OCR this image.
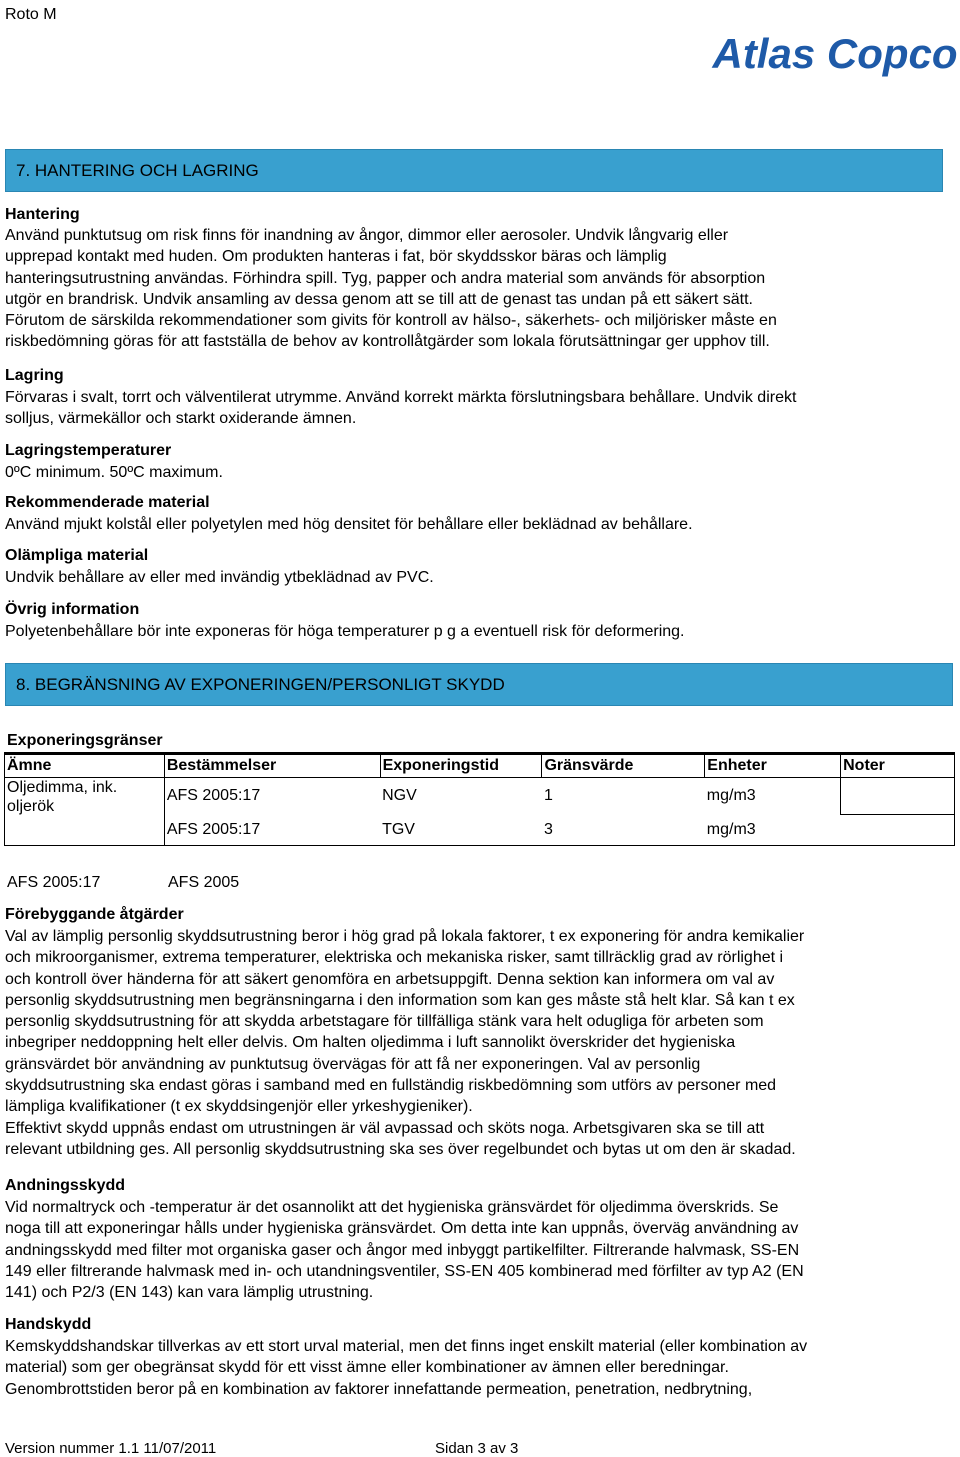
Roto M
Atlas Copco
7. HANTERING OCH LAGRING
Hantering
Använd punktutsug om risk finns för inandning av ångor, dimmor eller aerosoler. Undvik långvarig eller
upprepad kontakt med huden. Om produkten hanteras i fat, bör skyddsskor bäras och lämplig
hanteringsutrustning användas. Förhindra spill. Tyg, papper och andra material som används för absorption
utgör en brandrisk. Undvik ansamling av dessa genom att se till att de genast tas undan på ett säkert sätt.
Förutom de särskilda rekommendationer som givits för kontroll av hälso-, säkerhets- och miljörisker måste en
riskbedömning göras för att fastställa de behov av kontrollåtgärder som lokala förutsättningar ger upphov till.
Lagring
Förvaras i svalt, torrt och välventilerat utrymme. Använd korrekt märkta förslutningsbara behållare. Undvik direkt
solljus, värmekällor och starkt oxiderande ämnen.
Lagringstemperaturer
0ºC minimum. 50ºC maximum.
Rekommenderade material
Använd mjukt kolstål eller polyetylen med hög densitet för behållare eller beklädnad av behållare.
Olämpliga material
Undvik behållare av eller med invändig ytbeklädnad av PVC.
Övrig information
Polyetenbehållare bör inte exponeras för höga temperaturer p g a eventuell risk för deformering.
8. BEGRÄNSNING AV EXPONERINGEN/PERSONLIGT SKYDD
Exponeringsgränser
Ämne	Bestämmelser	Exponeringstid	Gränsvärde	Enheter	Noter
Oljedimma, ink. oljerök	AFS 2005:17	NGV	1	mg/m3	
	AFS 2005:17	TGV	3	mg/m3	
AFS 2005:17	AFS 2005
Förebyggande åtgärder
Val av lämplig personlig skyddsutrustning beror i hög grad på lokala faktorer, t ex exponering för andra kemikalier
och mikroorganismer, extrema temperaturer, elektriska och mekaniska risker, samt tillräcklig grad av rörlighet i
och kontroll över händerna för att säkert genomföra en arbetsuppgift. Denna sektion kan informera om val av
personlig skyddsutrustning men begränsningarna i den information som kan ges måste stå helt klar. Så kan t ex
personlig skyddsutrustning för att skydda arbetstagare för tillfälliga stänk vara helt odugliga för arbeten som
inbegriper neddoppning helt eller delvis. Om halten oljedimma i luft sannolikt överskrider det hygieniska
gränsvärdet bör användning av punktutsug övervägas för att få ner exponeringen. Val av personlig
skyddsutrustning ska endast göras i samband med en fullständig riskbedömning som utförs av personer med
lämpliga kvalifikationer (t ex skyddsingenjör eller yrkeshygieniker).
Effektivt skydd uppnås endast om utrustningen är väl avpassad och sköts noga. Arbetsgivaren ska se till att
relevant utbildning ges. All personlig skyddsutrustning ska ses över regelbundet och bytas ut om den är skadad.
Andningsskydd
Vid normaltryck och -temperatur är det osannolikt att det hygieniska gränsvärdet för oljedimma överskrids. Se
noga till att exponeringar hålls under hygieniska gränsvärdet. Om detta inte kan uppnås, överväg användning av
andningsskydd med filter mot organiska gaser och ångor med inbyggt partikelfilter. Filtrerande halvmask, SS-EN
149 eller filtrerande halvmask med in- och utandningsventiler, SS-EN 405 kombinerad med förfilter av typ A2 (EN
141) och P2/3 (EN 143) kan vara lämplig utrustning.
Handskydd
Kemskyddshandskar tillverkas av ett stort urval material, men det finns inget enskilt material (eller kombination av
material) som ger obegränsat skydd för ett visst ämne eller kombinationer av ämnen eller beredningar.
Genombrottstiden beror på en kombination av faktorer innefattande permeation, penetration, nedbrytning,
Version nummer 1.1 11/07/2011	Sidan 3 av 3
